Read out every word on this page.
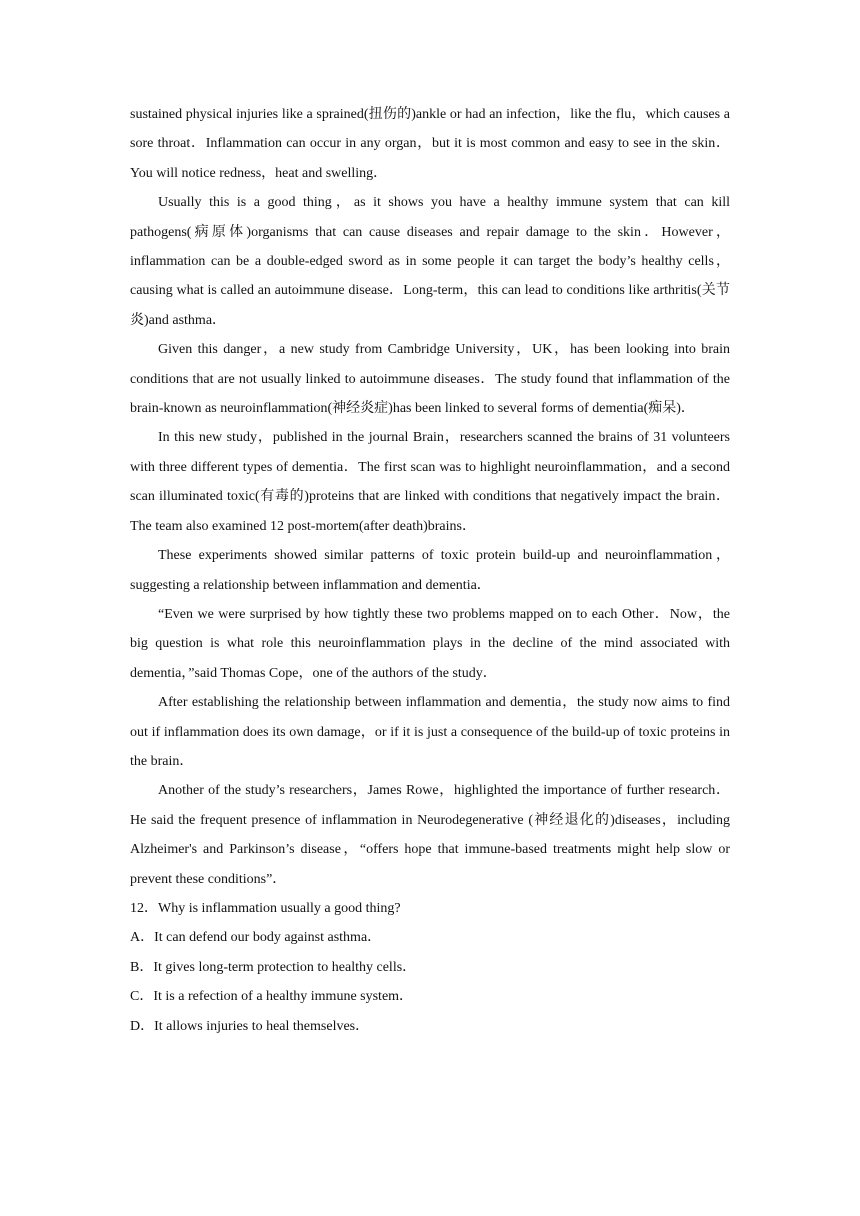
sustained physical injuries like a sprained(扭伤的)ankle or had an infection，like the flu，which causes a sore throat．Inflammation can occur in any organ，but it is most common and easy to see in the skin．You will notice redness，heat and swelling．

Usually this is a good thing，as it shows you have a healthy immune system that can kill pathogens(病原体)organisms that can cause diseases and repair damage to the skin．However，inflammation can be a double-edged sword as in some people it can target the body’s healthy cells，causing what is called an autoimmune disease．Long-term，this can lead to conditions like arthritis(关节炎)and asthma．

Given this danger，a new study from Cambridge University，UK，has been looking into brain conditions that are not usually linked to autoimmune diseases．The study found that inflammation of the brain-known as neuroinflammation(神经炎症)has been linked to several forms of dementia(痴呆)．

In this new study，published in the journal Brain，researchers scanned the brains of 31 volunteers with three different types of dementia．The first scan was to highlight neuroinflammation，and a second scan illuminated toxic(有毒的)proteins that are linked with conditions that negatively impact the brain．The team also examined 12 post-mortem(after death)brains．

These experiments showed similar patterns of toxic protein build-up and neuroinflammation，suggesting a relationship between inflammation and dementia．

“Even we were surprised by how tightly these two problems mapped on to each Other．Now，the big question is what role this neuroinflammation plays in the decline of the mind associated with dementia，”said Thomas Cope，one of the authors of the study．

After establishing the relationship between inflammation and dementia，the study now aims to find out if inflammation does its own damage，or if it is just a consequence of the build-up of toxic proteins in the brain．

Another of the study’s researchers，James Rowe，highlighted the importance of further research．He said the frequent presence of inflammation in Neurodegenerative (神经退化的)diseases，including Alzheimer's and Parkinson’s disease，“offers hope that immune-based treatments might help slow or prevent these conditions”．

12．Why is inflammation usually a good thing?

A．It can defend our body against asthma．

B．It gives long-term protection to healthy cells．

C．It is a refection of a healthy immune system．

D．It allows injuries to heal themselves．
